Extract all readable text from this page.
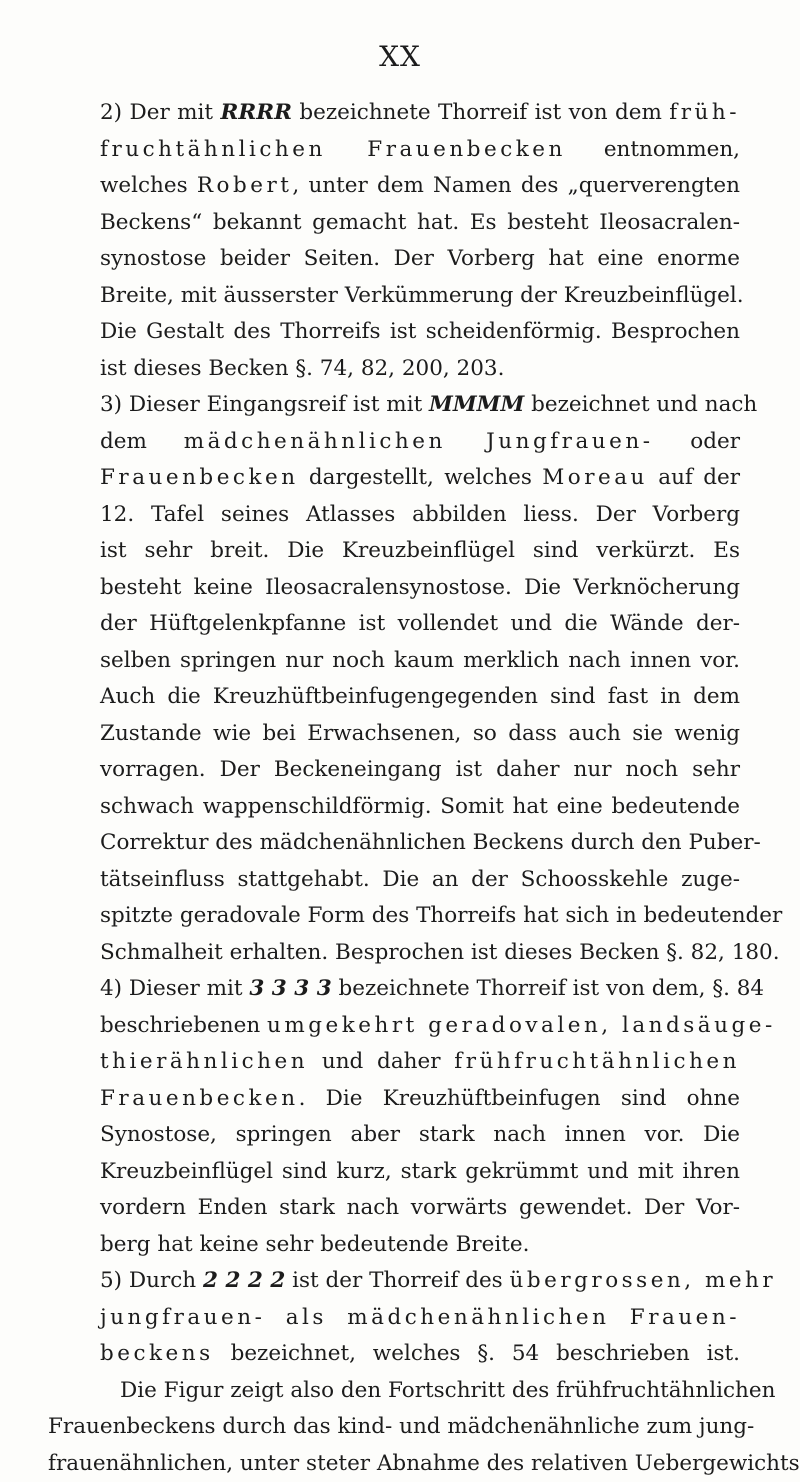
XX
2) Der mit RRRR bezeichnete Thorreif ist von dem früh-
fruchtähnlichen Frauenbecken entnommen,
welches Robert, unter dem Namen des „querverengten
Beckens“ bekannt gemacht hat. Es besteht Ileosacralen-
synostose beider Seiten. Der Vorberg hat eine enorme
Breite, mit äusserster Verkümmerung der Kreuzbeinflügel.
Die Gestalt des Thorreifs ist scheidenförmig. Besprochen
ist dieses Becken §. 74, 82, 200, 203.
3) Dieser Eingangsreif ist mit MMMM bezeichnet und nach
dem mädchenähnlichen Jungfrauen- oder
Frauenbecken dargestellt, welches Moreau auf der
12. Tafel seines Atlasses abbilden liess. Der Vorberg
ist sehr breit. Die Kreuzbeinflügel sind verkürzt. Es
besteht keine Ileosacralensynostose. Die Verknöcherung
der Hüftgelenkpfanne ist vollendet und die Wände der-
selben springen nur noch kaum merklich nach innen vor.
Auch die Kreuzhüftbeinfugengegenden sind fast in dem
Zustande wie bei Erwachsenen, so dass auch sie wenig
vorragen. Der Beckeneingang ist daher nur noch sehr
schwach wappenschildförmig. Somit hat eine bedeutende
Correktur des mädchenähnlichen Beckens durch den Puber-
tätseinfluss stattgehabt. Die an der Schoosskehle zuge-
spitzte geradovale Form des Thorreifs hat sich in bedeutender
Schmalheit erhalten. Besprochen ist dieses Becken §. 82, 180.
4) Dieser mit 3 3 3 3 bezeichnete Thorreif ist von dem, §. 84
beschriebenen umgekehrt geradovalen, landsäuge-
thierähnlichen und daher frühfruchtähnlichen
Frauenbecken. Die Kreuzhüftbeinfugen sind ohne
Synostose, springen aber stark nach innen vor. Die
Kreuzbeinflügel sind kurz, stark gekrümmt und mit ihren
vordern Enden stark nach vorwärts gewendet. Der Vor-
berg hat keine sehr bedeutende Breite.
5) Durch 2 2 2 2 ist der Thorreif des übergrossen, mehr
jungfrauen- als mädchenähnlichen Frauen-
beckens bezeichnet, welches §. 54 beschrieben ist.
Die Figur zeigt also den Fortschritt des frühfruchtähnlichen
Frauenbeckens durch das kind- und mädchenähnliche zum jung-
frauenähnlichen, unter steter Abnahme des relativen Uebergewichts
